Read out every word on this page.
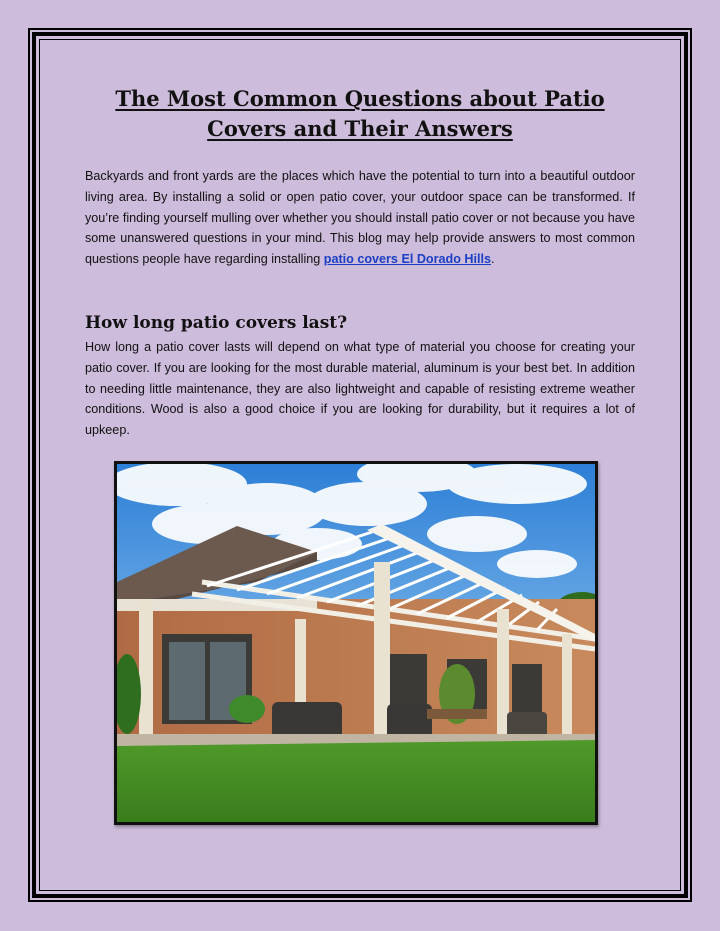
The Most Common Questions about Patio Covers and Their Answers

Backyards and front yards are the places which have the potential to turn into a beautiful outdoor living area. By installing a solid or open patio cover, your outdoor space can be transformed. If you’re finding yourself mulling over whether you should install patio cover or not because you have some unanswered questions in your mind. This blog may help provide answers to most common questions people have regarding installing patio covers El Dorado Hills.

How long patio covers last?

How long a patio cover lasts will depend on what type of material you choose for creating your patio cover. If you are looking for the most durable material, aluminum is your best bet. In addition to needing little maintenance, they are also lightweight and capable of resisting extreme weather conditions. Wood is also a good choice if you are looking for durability, but it requires a lot of upkeep.
